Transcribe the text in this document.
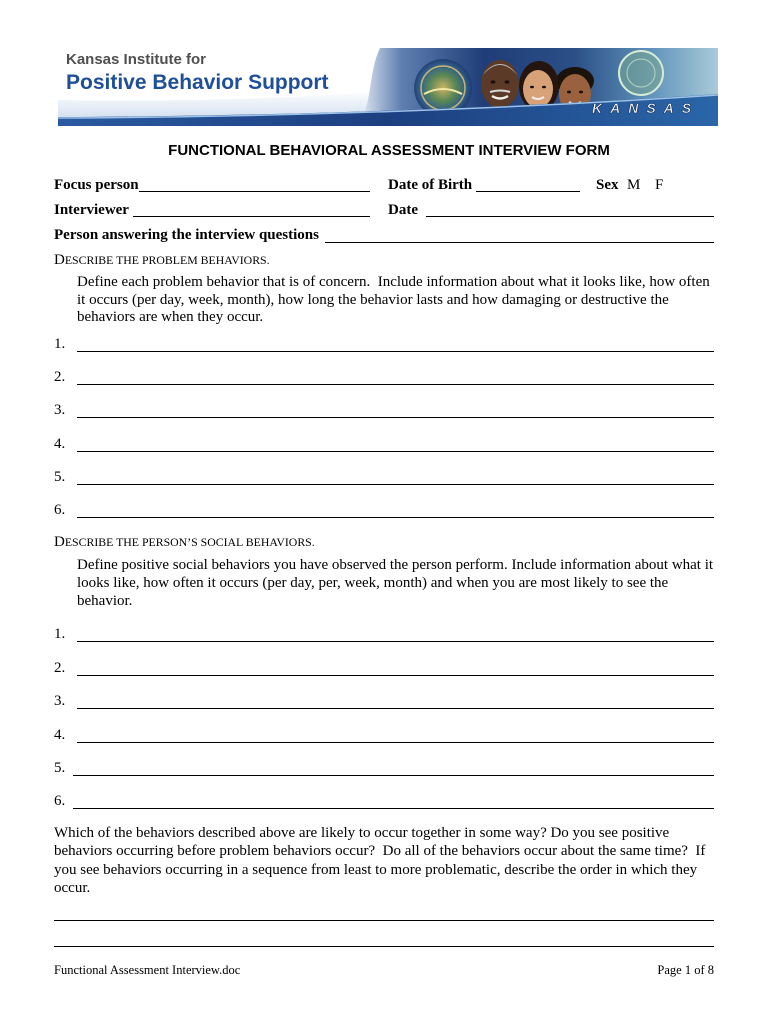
KANSAS
Kansas Institute for
Positive Behavior Support
FUNCTIONAL BEHAVIORAL ASSESSMENT INTERVIEW FORM
Focus person	Date of Birth	Sex M F
Interviewer	Date
Person answering the interview questions
DESCRIBE THE PROBLEM BEHAVIORS.
Define each problem behavior that is of concern.  Include information about what it looks like, how often
it occurs (per day, week, month), how long the behavior lasts and how damaging or destructive the
behaviors are when they occur.
1.
2.
3.
4.
5.
6.
DESCRIBE THE PERSON’S SOCIAL BEHAVIORS.
Define positive social behaviors you have observed the person perform. Include information about what it
looks like, how often it occurs (per day, per, week, month) and when you are most likely to see the
behavior.
1.
2.
3.
4.
5.
6.
Which of the behaviors described above are likely to occur together in some way? Do you see positive
behaviors occurring before problem behaviors occur?  Do all of the behaviors occur about the same time?  If
you see behaviors occurring in a sequence from least to more problematic, describe the order in which they
occur.
Functional Assessment Interview.doc	Page 1 of 8
